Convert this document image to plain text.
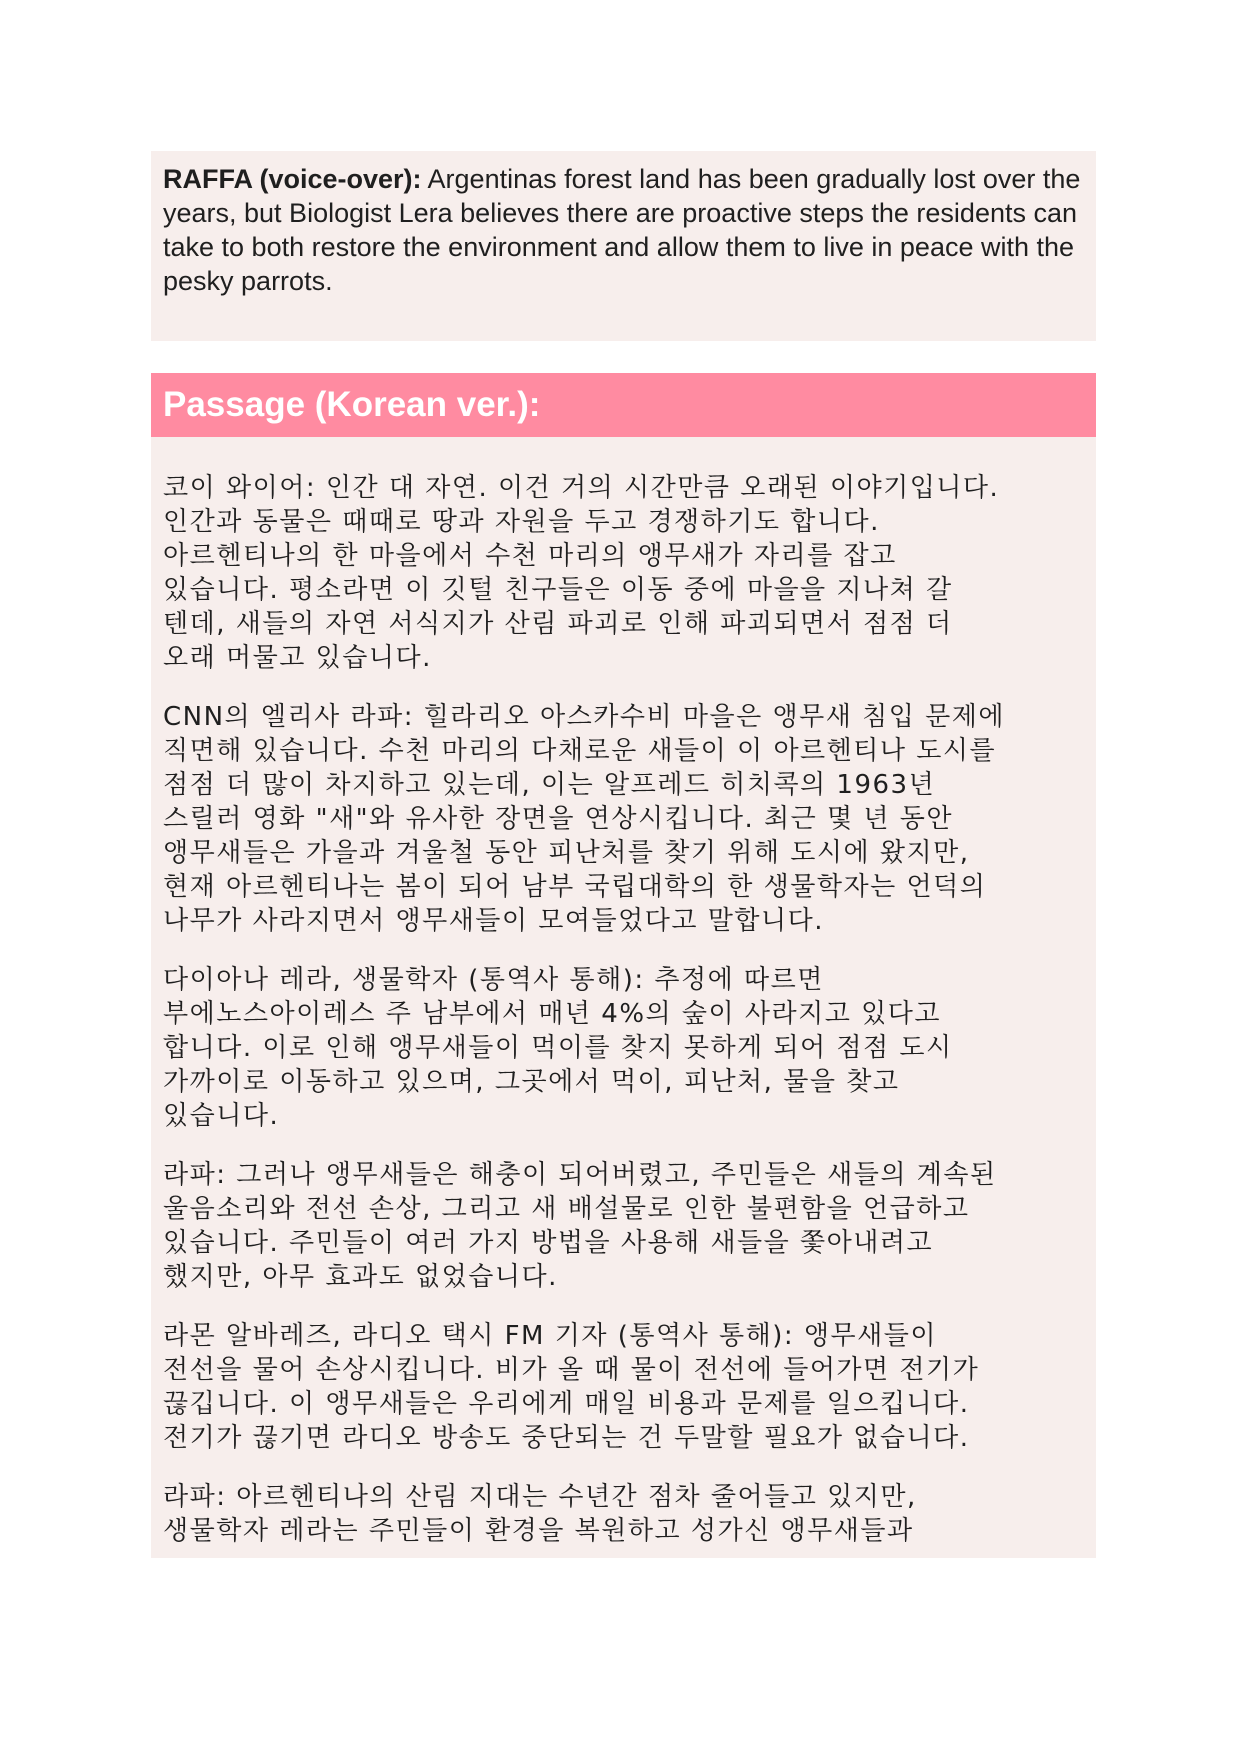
RAFFA (voice-over): Argentinas forest land has been gradually lost over the years, but Biologist Lera believes there are proactive steps the residents can take to both restore the environment and allow them to live in peace with the pesky parrots.

Passage (Korean ver.):

코이 와이어: 인간 대 자연. 이건 거의 시간만큼 오래된 이야기입니다.
인간과 동물은 때때로 땅과 자원을 두고 경쟁하기도 합니다.
아르헨티나의 한 마을에서 수천 마리의 앵무새가 자리를 잡고
있습니다. 평소라면 이 깃털 친구들은 이동 중에 마을을 지나쳐 갈
텐데, 새들의 자연 서식지가 산림 파괴로 인해 파괴되면서 점점 더
오래 머물고 있습니다.

CNN의 엘리사 라파: 힐라리오 아스카수비 마을은 앵무새 침입 문제에
직면해 있습니다. 수천 마리의 다채로운 새들이 이 아르헨티나 도시를
점점 더 많이 차지하고 있는데, 이는 알프레드 히치콕의 1963년
스릴러 영화 "새"와 유사한 장면을 연상시킵니다. 최근 몇 년 동안
앵무새들은 가을과 겨울철 동안 피난처를 찾기 위해 도시에 왔지만,
현재 아르헨티나는 봄이 되어 남부 국립대학의 한 생물학자는 언덕의
나무가 사라지면서 앵무새들이 모여들었다고 말합니다.

다이아나 레라, 생물학자 (통역사 통해): 추정에 따르면
부에노스아이레스 주 남부에서 매년 4%의 숲이 사라지고 있다고
합니다. 이로 인해 앵무새들이 먹이를 찾지 못하게 되어 점점 도시
가까이로 이동하고 있으며, 그곳에서 먹이, 피난처, 물을 찾고
있습니다.

라파: 그러나 앵무새들은 해충이 되어버렸고, 주민들은 새들의 계속된
울음소리와 전선 손상, 그리고 새 배설물로 인한 불편함을 언급하고
있습니다. 주민들이 여러 가지 방법을 사용해 새들을 쫓아내려고
했지만, 아무 효과도 없었습니다.

라몬 알바레즈, 라디오 택시 FM 기자 (통역사 통해): 앵무새들이
전선을 물어 손상시킵니다. 비가 올 때 물이 전선에 들어가면 전기가
끊깁니다. 이 앵무새들은 우리에게 매일 비용과 문제를 일으킵니다.
전기가 끊기면 라디오 방송도 중단되는 건 두말할 필요가 없습니다.

라파: 아르헨티나의 산림 지대는 수년간 점차 줄어들고 있지만,
생물학자 레라는 주민들이 환경을 복원하고 성가신 앵무새들과
